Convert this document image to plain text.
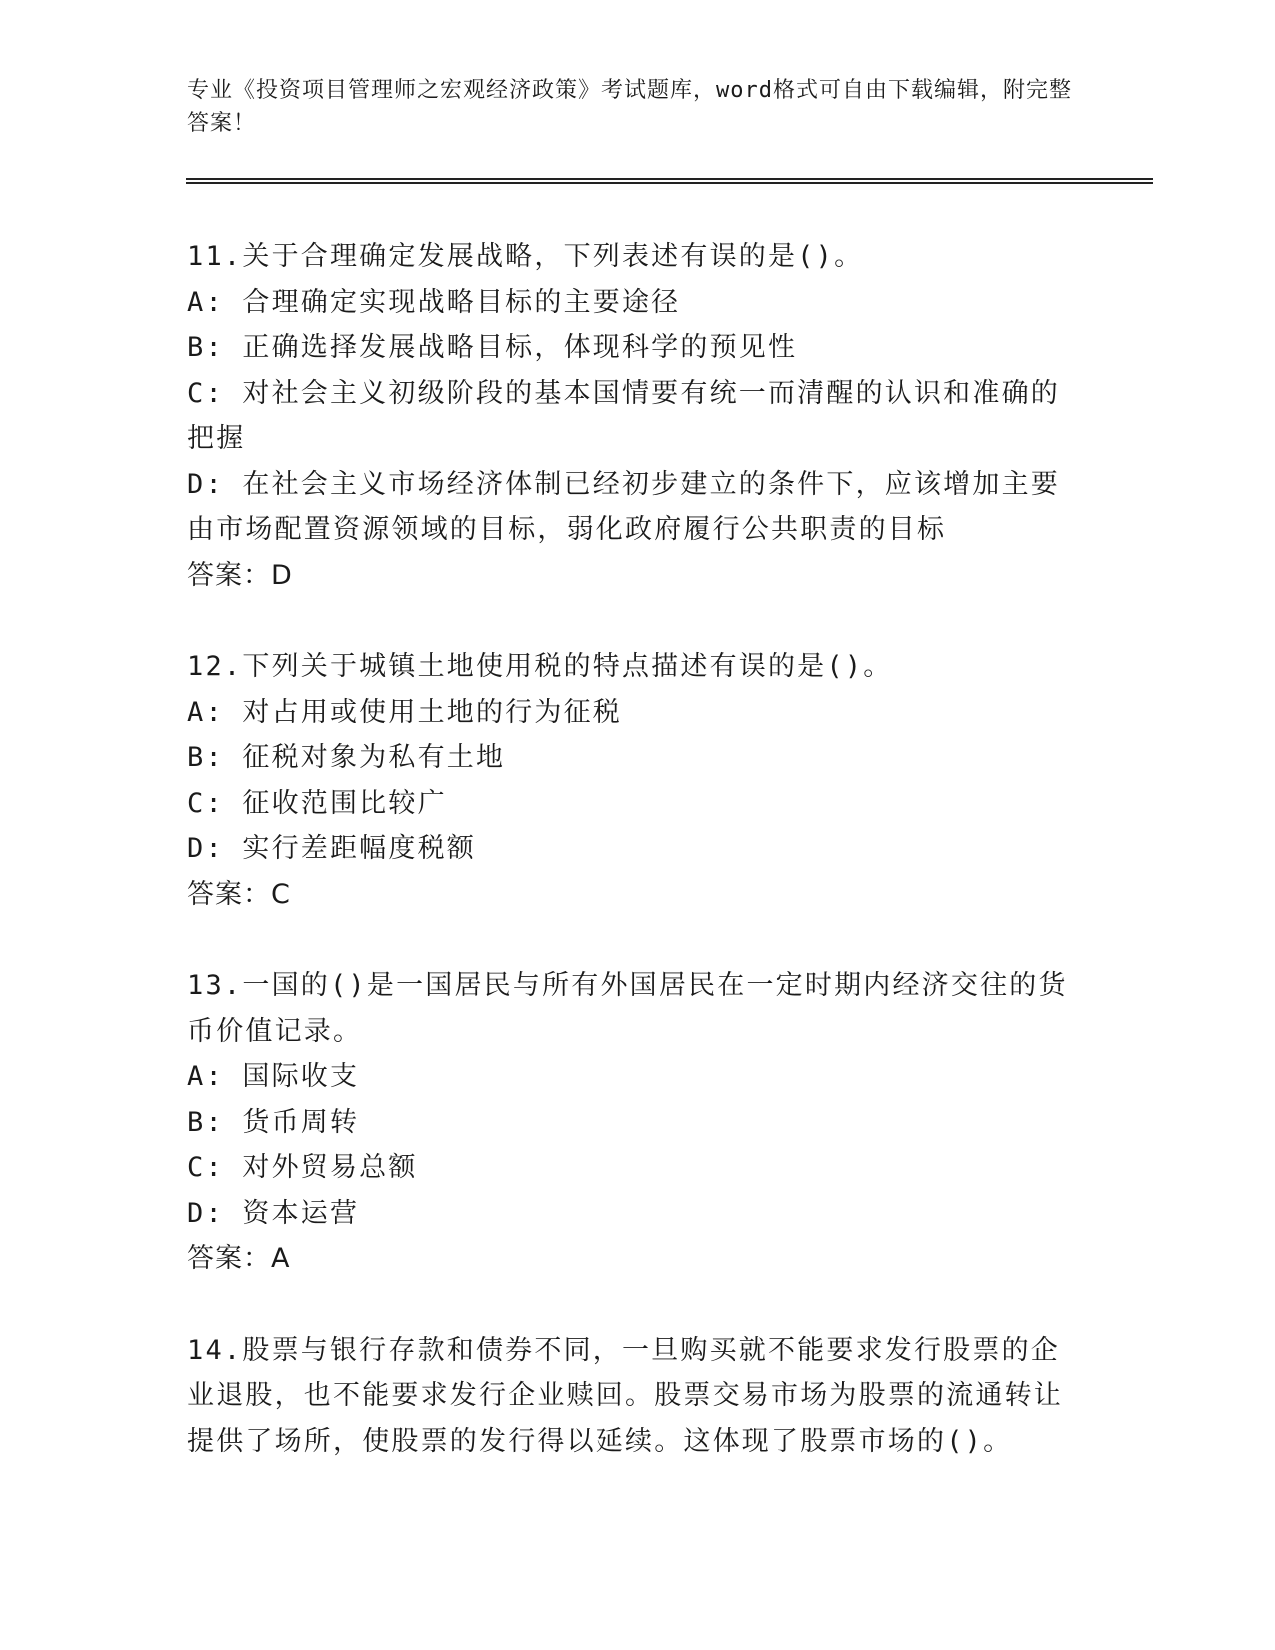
专业《投资项目管理师之宏观经济政策》考试题库，word格式可自由下载编辑，附完整答案！
11.关于合理确定发展战略，下列表述有误的是()。
A: 合理确定实现战略目标的主要途径
B: 正确选择发展战略目标，体现科学的预见性
C: 对社会主义初级阶段的基本国情要有统一而清醒的认识和准确的把握
D: 在社会主义市场经济体制已经初步建立的条件下，应该增加主要由市场配置资源领域的目标，弱化政府履行公共职责的目标
答案：D
12.下列关于城镇土地使用税的特点描述有误的是()。
A: 对占用或使用土地的行为征税
B: 征税对象为私有土地
C: 征收范围比较广
D: 实行差距幅度税额
答案：C
13.一国的()是一国居民与所有外国居民在一定时期内经济交往的货币价值记录。
A: 国际收支
B: 货币周转
C: 对外贸易总额
D: 资本运营
答案：A
14.股票与银行存款和债券不同，一旦购买就不能要求发行股票的企业退股，也不能要求发行企业赎回。股票交易市场为股票的流通转让提供了场所，使股票的发行得以延续。这体现了股票市场的()。
